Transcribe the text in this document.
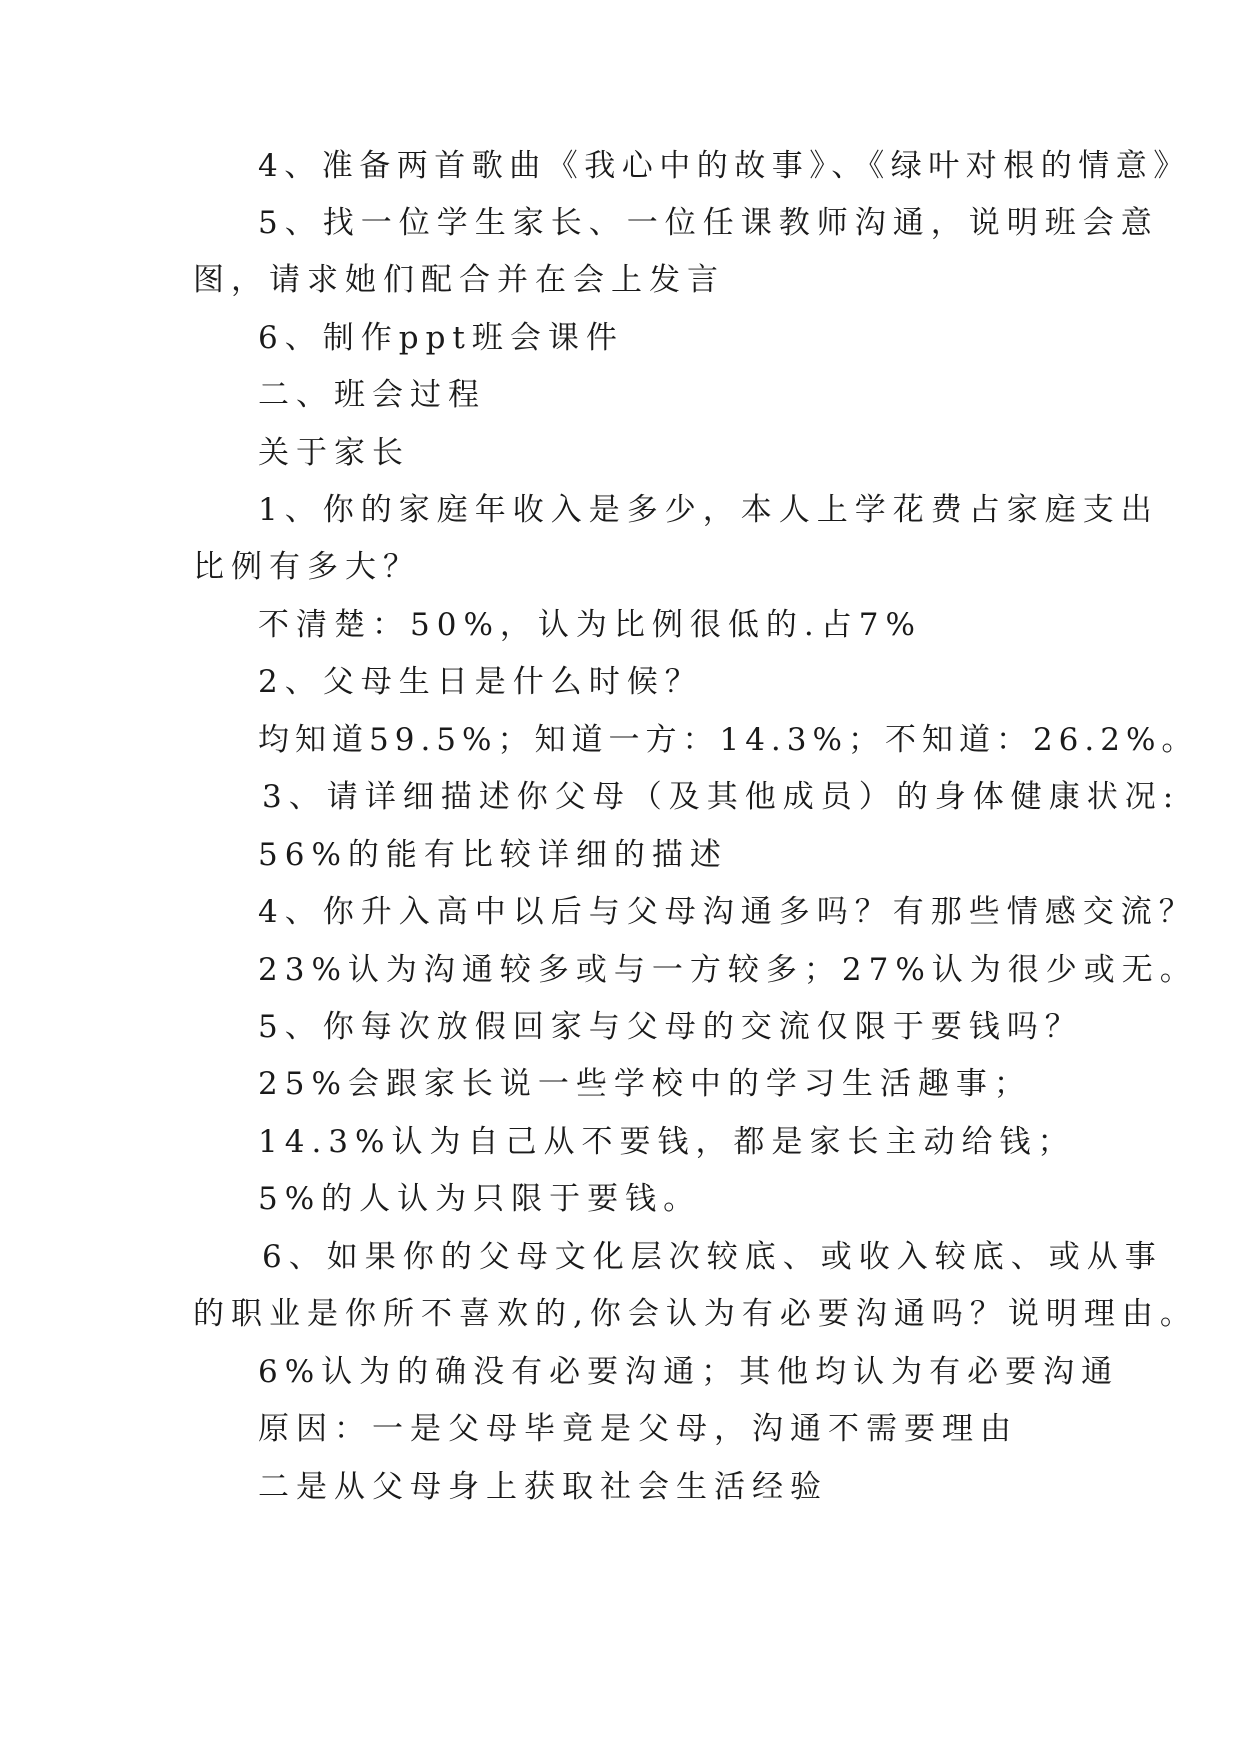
4、准备两首歌曲《我心中的故事》、《绿叶对根的情意》
5、找一位学生家长、一位任课教师沟通，说明班会意
图，请求她们配合并在会上发言
6、制作ppt班会课件
二、班会过程
关于家长
1、你的家庭年收入是多少，本人上学花费占家庭支出
比例有多大？
不清楚：50%，认为比例很低的.占7%
2、父母生日是什么时候？
均知道59.5%；知道一方：14.3%；不知道：26.2%。
3、请详细描述你父母（及其他成员）的身体健康状况:
56%的能有比较详细的描述
4、你升入高中以后与父母沟通多吗？有那些情感交流？
23%认为沟通较多或与一方较多；27%认为很少或无。
5、你每次放假回家与父母的交流仅限于要钱吗？
25%会跟家长说一些学校中的学习生活趣事；
14.3%认为自己从不要钱，都是家长主动给钱；
5%的人认为只限于要钱。
6、如果你的父母文化层次较底、或收入较底、或从事
的职业是你所不喜欢的,你会认为有必要沟通吗？说明理由。
6%认为的确没有必要沟通；其他均认为有必要沟通
原因：一是父母毕竟是父母，沟通不需要理由
二是从父母身上获取社会生活经验
